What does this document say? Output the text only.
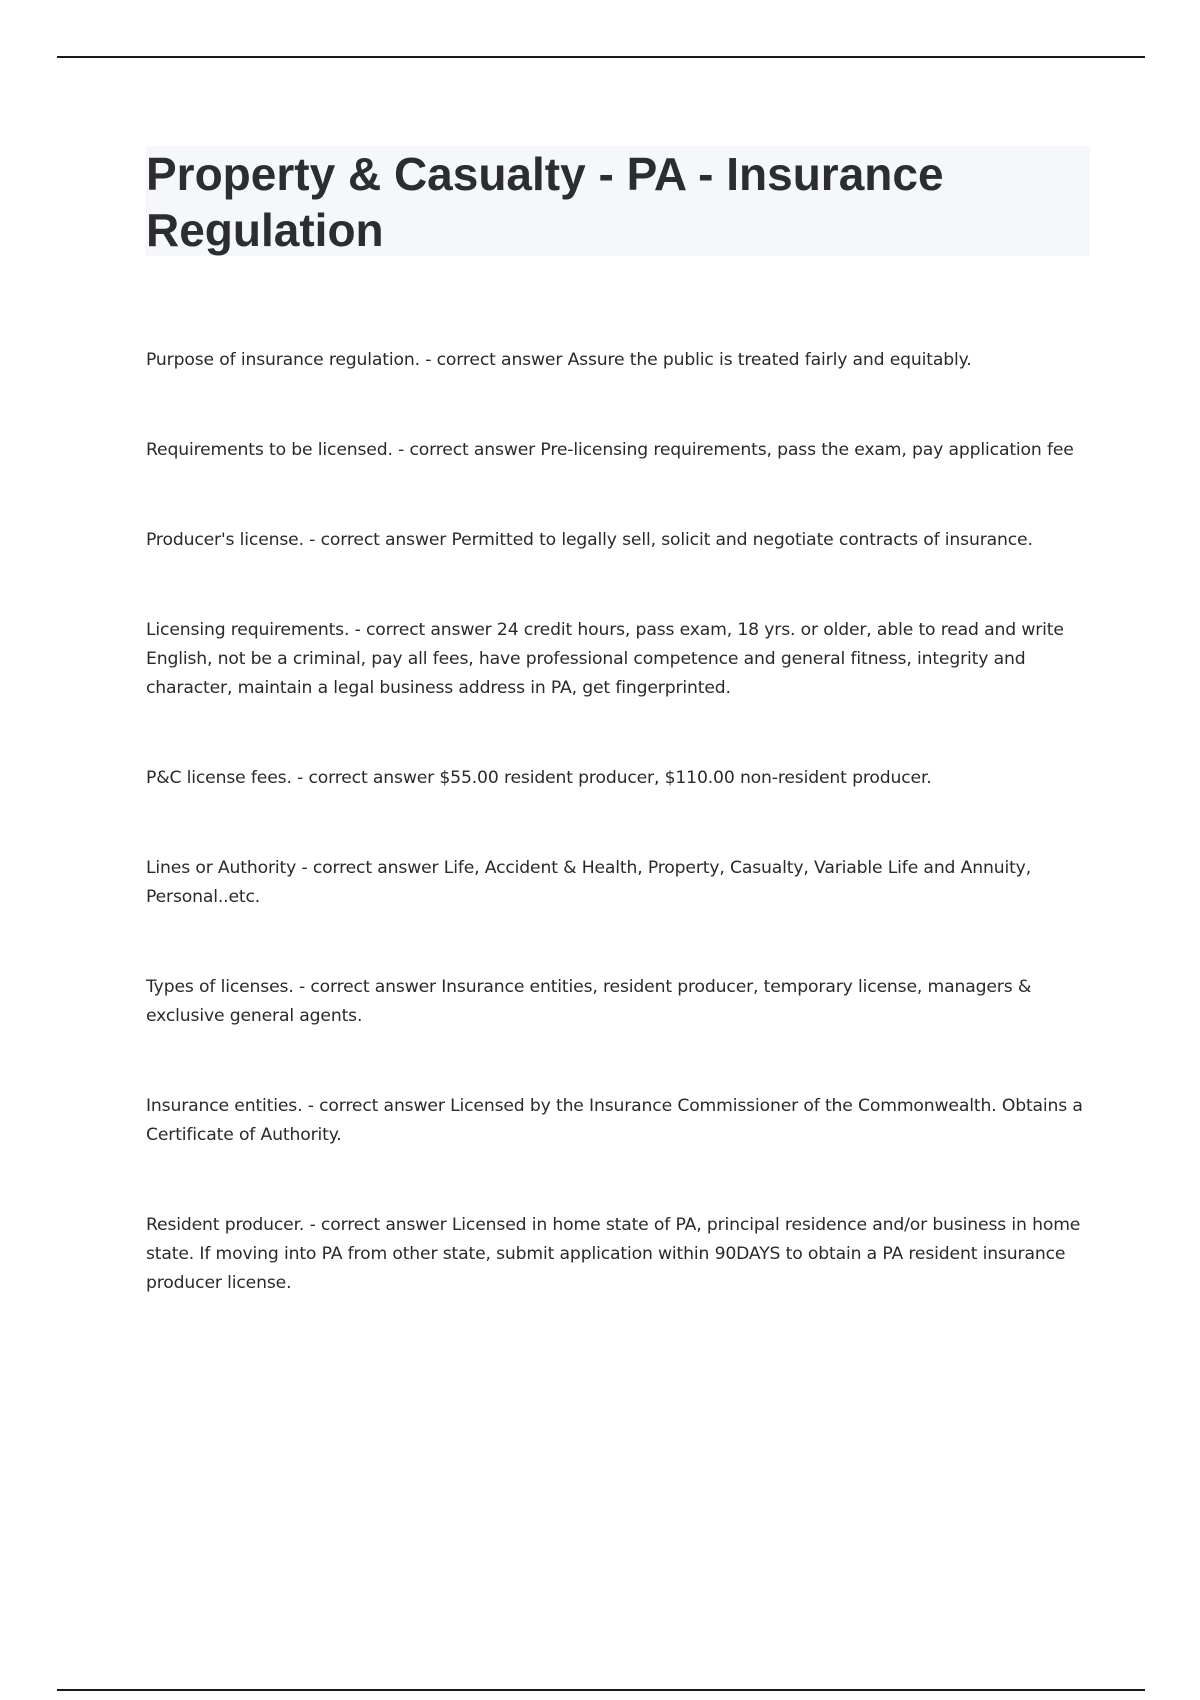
Property & Casualty - PA - Insurance Regulation

Purpose of insurance regulation. - correct answer Assure the public is treated fairly and equitably.

Requirements to be licensed. - correct answer Pre-licensing requirements, pass the exam, pay application fee

Producer's license. - correct answer Permitted to legally sell, solicit and negotiate contracts of insurance.

Licensing requirements. - correct answer 24 credit hours, pass exam, 18 yrs. or older, able to read and write English, not be a criminal, pay all fees, have professional competence and general fitness, integrity and character, maintain a legal business address in PA, get fingerprinted.

P&C license fees. - correct answer $55.00 resident producer, $110.00 non-resident producer.

Lines or Authority - correct answer Life, Accident & Health, Property, Casualty, Variable Life and Annuity, Personal..etc.

Types of licenses. - correct answer Insurance entities, resident producer, temporary license, managers & exclusive general agents.

Insurance entities. - correct answer Licensed by the Insurance Commissioner of the Commonwealth. Obtains a Certificate of Authority.

Resident producer. - correct answer Licensed in home state of PA, principal residence and/or business in home state. If moving into PA from other state, submit application within 90DAYS to obtain a PA resident insurance producer license.
